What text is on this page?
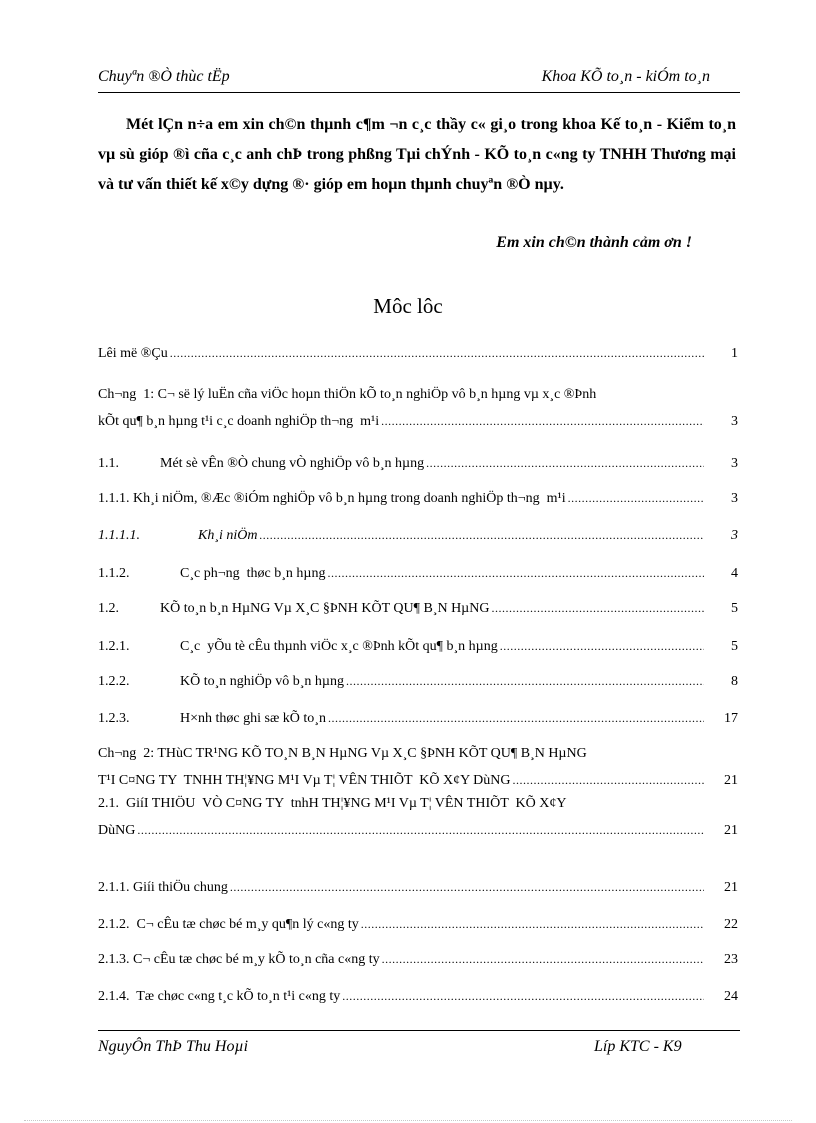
Chuyªn ®Ò thùc tËp	Khoa KÕ to¸n - kiÓm to¸n

Mét lÇn n÷a em xin ch©n thµnh c¶m ¬n c¸c thầy c« gi¸o trong khoa Kế to¸n - Kiểm to¸n vµ sù gióp ®ì cña c¸c anh chÞ trong phßng Tµi chÝnh - KÕ to¸n c«ng ty TNHH Thương mại và tư vấn thiết kế x©y dựng ®· gióp em hoµn thµnh chuyªn ®Ò nµy.

Em xin ch©n thành cảm ơn !
Môc lôc
Lêi më ®Çu .....	1
Ch¬ng  1: C¬ së lý luËn cña viÖc hoµn thiÖn kÕ to¸n nghiÖp vô b¸n hµng vµ x¸c ®Þnh
kÕt qu¶ b¸n hµng t¹i c¸c doanh nghiÖp th¬ng  m¹i .....	3
1.1.	Mét sè vÊn ®Ò chung vÒ nghiÖp vô b¸n hµng .....	3
1.1.1. Kh¸i niÖm, ®Æc ®iÓm nghiÖp vô b¸n hµng trong doanh nghiÖp th¬ng  m¹i .....	3
1.1.1.1.	Kh¸i niÖm .....	3
1.1.2.	C¸c ph¬ng  thøc b¸n hµng .....	4
1.2.	KÕ to¸n b¸n HµNG Vµ X¸C §ÞNH KÕT QU¶ B¸N HµNG .....	5
1.2.1.	C¸c  yÕu tè cÊu thµnh viÖc x¸c ®Þnh kÕt qu¶ b¸n hµng .....	5
1.2.2.	KÕ to¸n nghiÖp vô b¸n hµng .....	8
1.2.3.	H×nh thøc ghi sæ kÕ to¸n .....	17
Ch¬ng  2: THùC TR¹NG KÕ TO¸N B¸N HµNG Vµ X¸C §ÞNH KÕT QU¶ B¸N HµNG
T¹I C¤NG TY  TNHH TH¦¥NG M¹I Vµ T¦ VÊN THIÕT  KÕ X¢Y DùNG .....	21
2.1.  GiíI THIÖU  VÒ C¤NG TY  tnhH TH¦¥NG M¹I Vµ T¦ VÊN THIÕT  KÕ X¢Y
DùNG .....	21
2.1.1. Giíi thiÖu chung .....	21
2.1.2.  C¬ cÊu tæ chøc bé m¸y qu¶n lý c«ng ty .....	22
2.1.3. C¬ cÊu tæ chøc bé m¸y kÕ to¸n cña c«ng ty .....	23
2.1.4.  Tæ chøc c«ng t¸c kÕ to¸n t¹i c«ng ty .....	24
NguyÔn ThÞ Thu Hoµi	Líp KTC - K9
